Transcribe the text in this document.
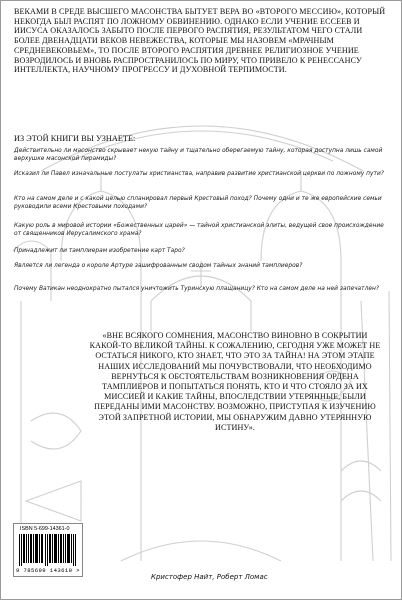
ВЕКАМИ В СРЕДЕ ВЫСШЕГО МАСОНСТВА БЫТУЕТ ВЕРА ВО «ВТОРОГО МЕССИЮ», КОТОРЫЙ НЕКОГДА БЫЛ РАСПЯТ ПО ЛОЖНОМУ ОБВИНЕНИЮ. ОДНАКО ЕСЛИ УЧЕНИЕ ЕССЕЕВ И ИИСУСА ОКАЗАЛОСЬ ЗАБЫТО ПОСЛЕ ПЕРВОГО РАСПЯТИЯ, РЕЗУЛЬТАТОМ ЧЕГО СТАЛИ БОЛЕЕ ДВЕНАДЦАТИ ВЕКОВ НЕВЕЖЕСТВА, КОТОРЫЕ МЫ НАЗОВЕМ «МРАЧНЫМ СРЕДНЕВЕКОВЬЕМ», ТО ПОСЛЕ ВТОРОГО РАСПЯТИЯ ДРЕВНЕЕ РЕЛИГИОЗНОЕ УЧЕНИЕ ВОЗРОДИЛОСЬ И ВНОВЬ РАСПРОСТРАНИЛОСЬ ПО МИРУ, ЧТО ПРИВЕЛО К РЕНЕССАНСУ ИНТЕЛЛЕКТА, НАУЧНОМУ ПРОГРЕССУ И ДУХОВНОЙ ТЕРПИМОСТИ.

ИЗ ЭТОЙ КНИГИ ВЫ УЗНАЕТЕ:

Действительно ли масонство скрывает некую тайну и тщательно оберегаемую тайну, которая доступна лишь самой верхушке масонской пирамиды?

Исказил ли Павел изначальные постулаты христианства, направив развитие христианской церкви по ложному пути?

Кто на самом деле и с какой целью спланировал первый Крестовый поход? Почему одни и те же европейские семьи руководили всеми Крестовыми походами?

Какую роль в мировой истории «Божественных царей» — тайной христианской элиты, ведущей свое происхождение от священников Иерусалимского храма?

Принадлежит ли тамплиерам изобретение карт Таро?

Является ли легенда о короле Артуре зашифрованным сводом тайных знаний тамплиеров?

Почему Ватикан неоднократно пытался уничтожить Туринскую плащаницу? Кто на самом деле на ней запечатлен?

«ВНЕ ВСЯКОГО СОМНЕНИЯ, МАСОНСТВО ВИНОВНО В СОКРЫТИИ КАКОЙ-ТО ВЕЛИКОЙ ТАЙНЫ. К СОЖАЛЕНИЮ, СЕГОДНЯ УЖЕ МОЖЕТ НЕ ОСТАТЬСЯ НИКОГО, КТО ЗНАЕТ, ЧТО ЭТО ЗА ТАЙНА! НА ЭТОМ ЭТАПЕ НАШИХ ИССЛЕДОВАНИЙ МЫ ПОЧУВСТВОВАЛИ, ЧТО НЕОБХОДИМО ВЕРНУТЬСЯ К ОБСТОЯТЕЛЬСТВАМ ВОЗНИКНОВЕНИЯ ОРДЕНА ТАМПЛИЕРОВ И ПОПЫТАТЬСЯ ПОНЯТЬ, КТО И ЧТО СТОЯЛО ЗА ИХ МИССИЕЙ И КАКИЕ ТАЙНЫ, ВПОСЛЕДСТВИИ УТЕРЯННЫЕ, БЫЛИ ПЕРЕДАНЫ ИМИ МАСОНСТВУ. ВОЗМОЖНО, ПРИСТУПАЯ К ИЗУЧЕНИЮ ЭТОЙ ЗАПРЕТНОЙ ИСТОРИИ, МЫ ОБНАРУЖИМ ДАВНО УТЕРЯННУЮ ИСТИНУ».

ISBN 5-699-14361-0
9 785699 143610 >

Кристофер Найт, Роберт Ломас
